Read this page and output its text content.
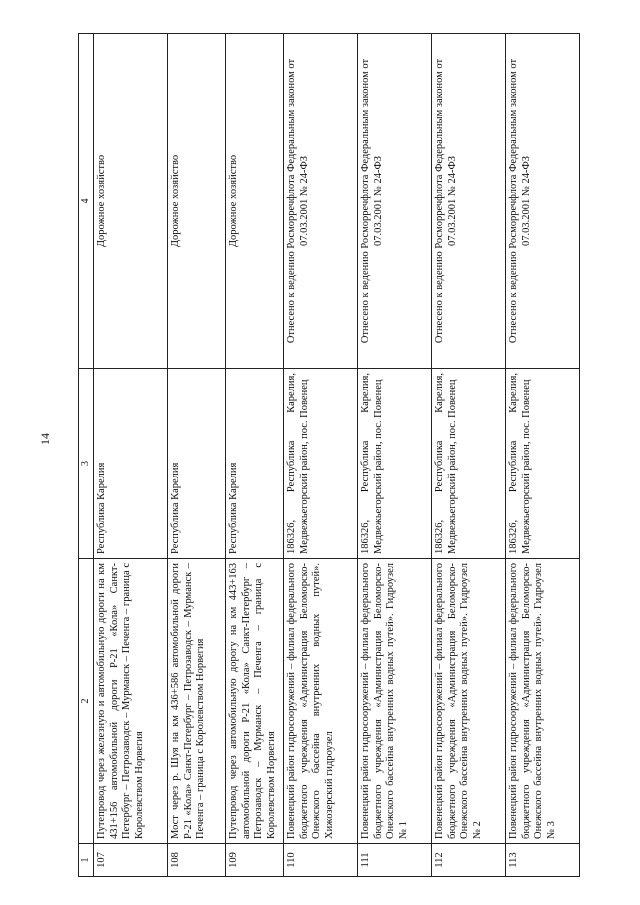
14
1	2	3	4
107	Путепровод через железную и автомобильную дороги на км 431+156 автомобильной дороги Р-21 «Кола» Санкт-Петербург – Петрозаводск – Мурманск – Печенга – граница с Королевством Норвегия	Республика Карелия	Дорожное хозяйство
108	Мост через р. Шуя на км 436+586 автомобильной дороги Р-21 «Кола» Санкт-Петербург – Петрозаводск – Мурманск – Печенга – граница с Королевством Норвегия	Республика Карелия	Дорожное хозяйство
109	Путепровод через автомобильную дорогу на км 443+163 автомобильной дороги Р-21 «Кола» Санкт-Петербург – Петрозаводск – Мурманск – Печенга – граница с Королевством Норвегия	Республика Карелия	Дорожное хозяйство
110	Повенецкий район гидросооружений – филиал федерального бюджетного учреждения «Администрация Беломорско-Онежского бассейна внутренних водных путей». Хижозерский гидроузел	186326, Республика Карелия, Медвежьегорский район, пос. Повенец	Отнесено к ведению Росморречфлота Федеральным законом от 07.03.2001 № 24-ФЗ
111	Повенецкий район гидросооружений – филиал федерального бюджетного учреждения «Администрация Беломорско-Онежского бассейна внутренних водных путей». Гидроузел № 1	186326, Республика Карелия, Медвежьегорский район, пос. Повенец	Отнесено к ведению Росморречфлота Федеральным законом от 07.03.2001 № 24-ФЗ
112	Повенецкий район гидросооружений – филиал федерального бюджетного учреждения «Администрация Беломорско-Онежского бассейна внутренних водных путей». Гидроузел № 2	186326, Республика Карелия, Медвежьегорский район, пос. Повенец	Отнесено к ведению Росморречфлота Федеральным законом от 07.03.2001 № 24-ФЗ
113	Повенецкий район гидросооружений – филиал федерального бюджетного учреждения «Администрация Беломорско-Онежского бассейна внутренних водных путей». Гидроузел № 3	186326, Республика Карелия, Медвежьегорский район, пос. Повенец	Отнесено к ведению Росморречфлота Федеральным законом от 07.03.2001 № 24-ФЗ
